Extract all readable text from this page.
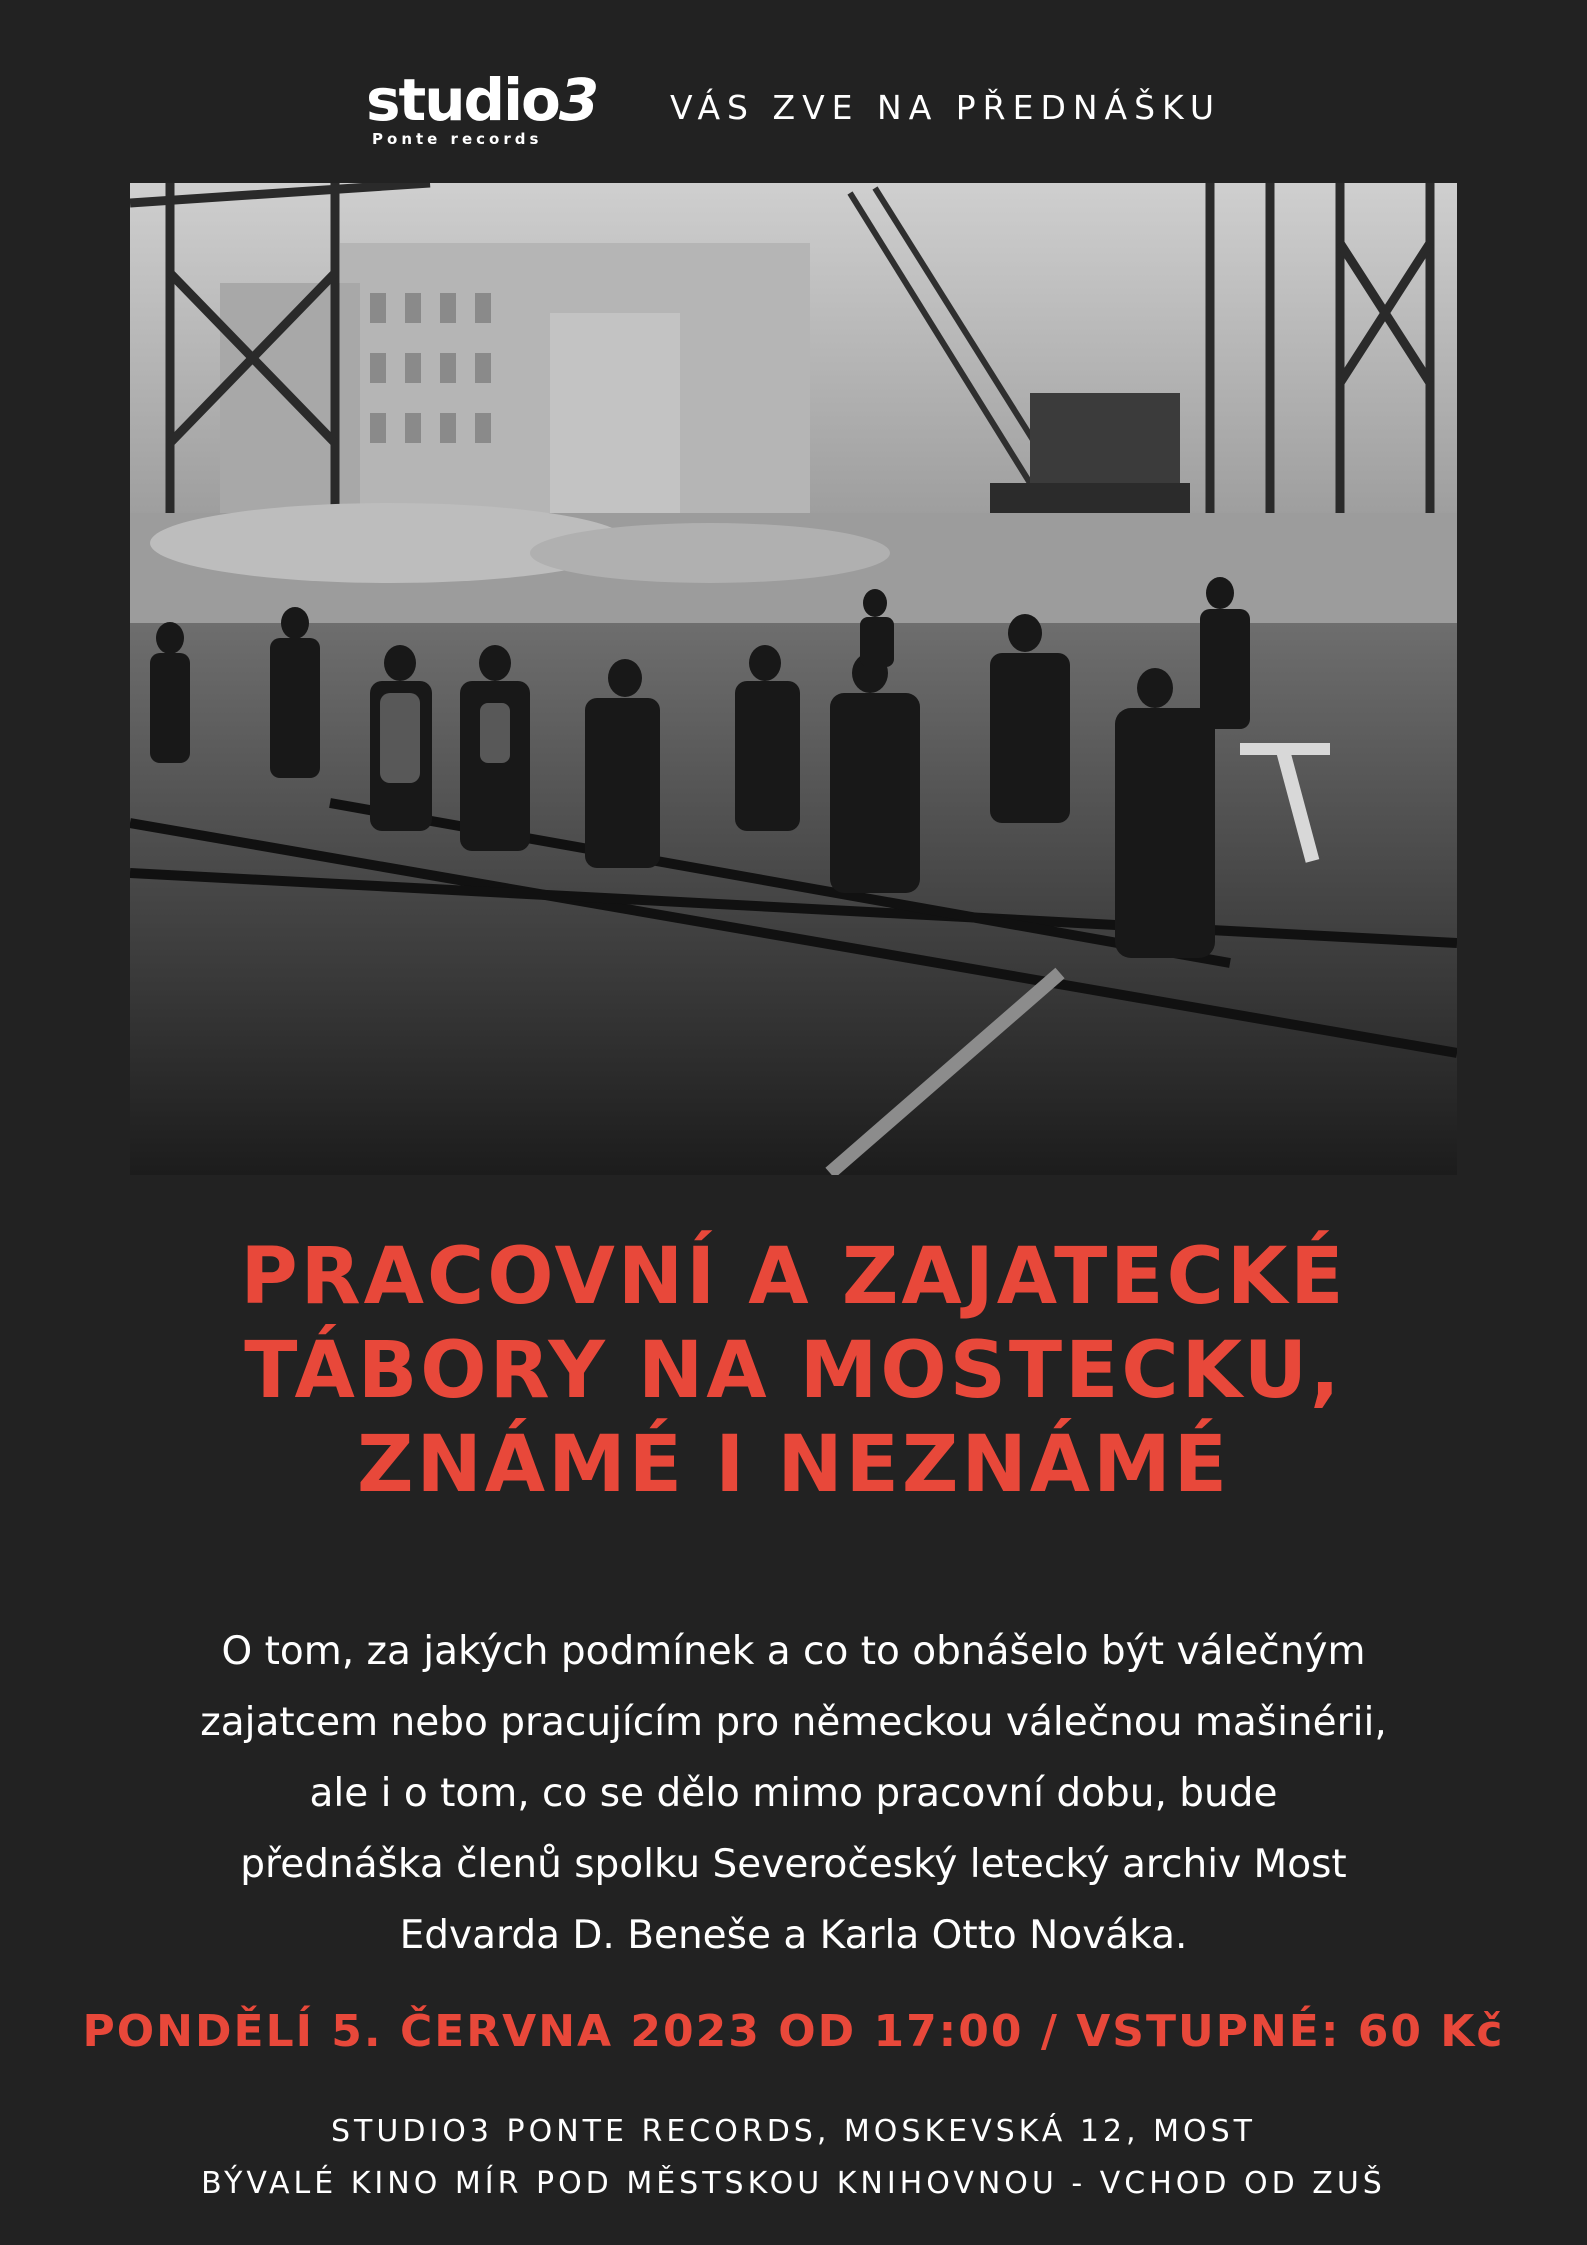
studio3
Ponte records
VÁS ZVE NA PŘEDNÁŠKU
PRACOVNÍ A ZAJATECKÉ
TÁBORY NA MOSTECKU,
ZNÁMÉ I NEZNÁMÉ
O tom, za jakých podmínek a co to obnášelo být válečným
zajatcem nebo pracujícím pro německou válečnou mašinérii,
ale i o tom, co se dělo mimo pracovní dobu, bude
přednáška členů spolku Severočeský letecký archiv Most
Edvarda D. Beneše a Karla Otto Nováka.
PONDĚLÍ 5. ČERVNA 2023 OD 17:00 / VSTUPNÉ: 60 Kč
STUDIO3 PONTE RECORDS, MOSKEVSKÁ 12, MOST
BÝVALÉ KINO MÍR POD MĚSTSKOU KNIHOVNOU - VCHOD OD ZUŠ
